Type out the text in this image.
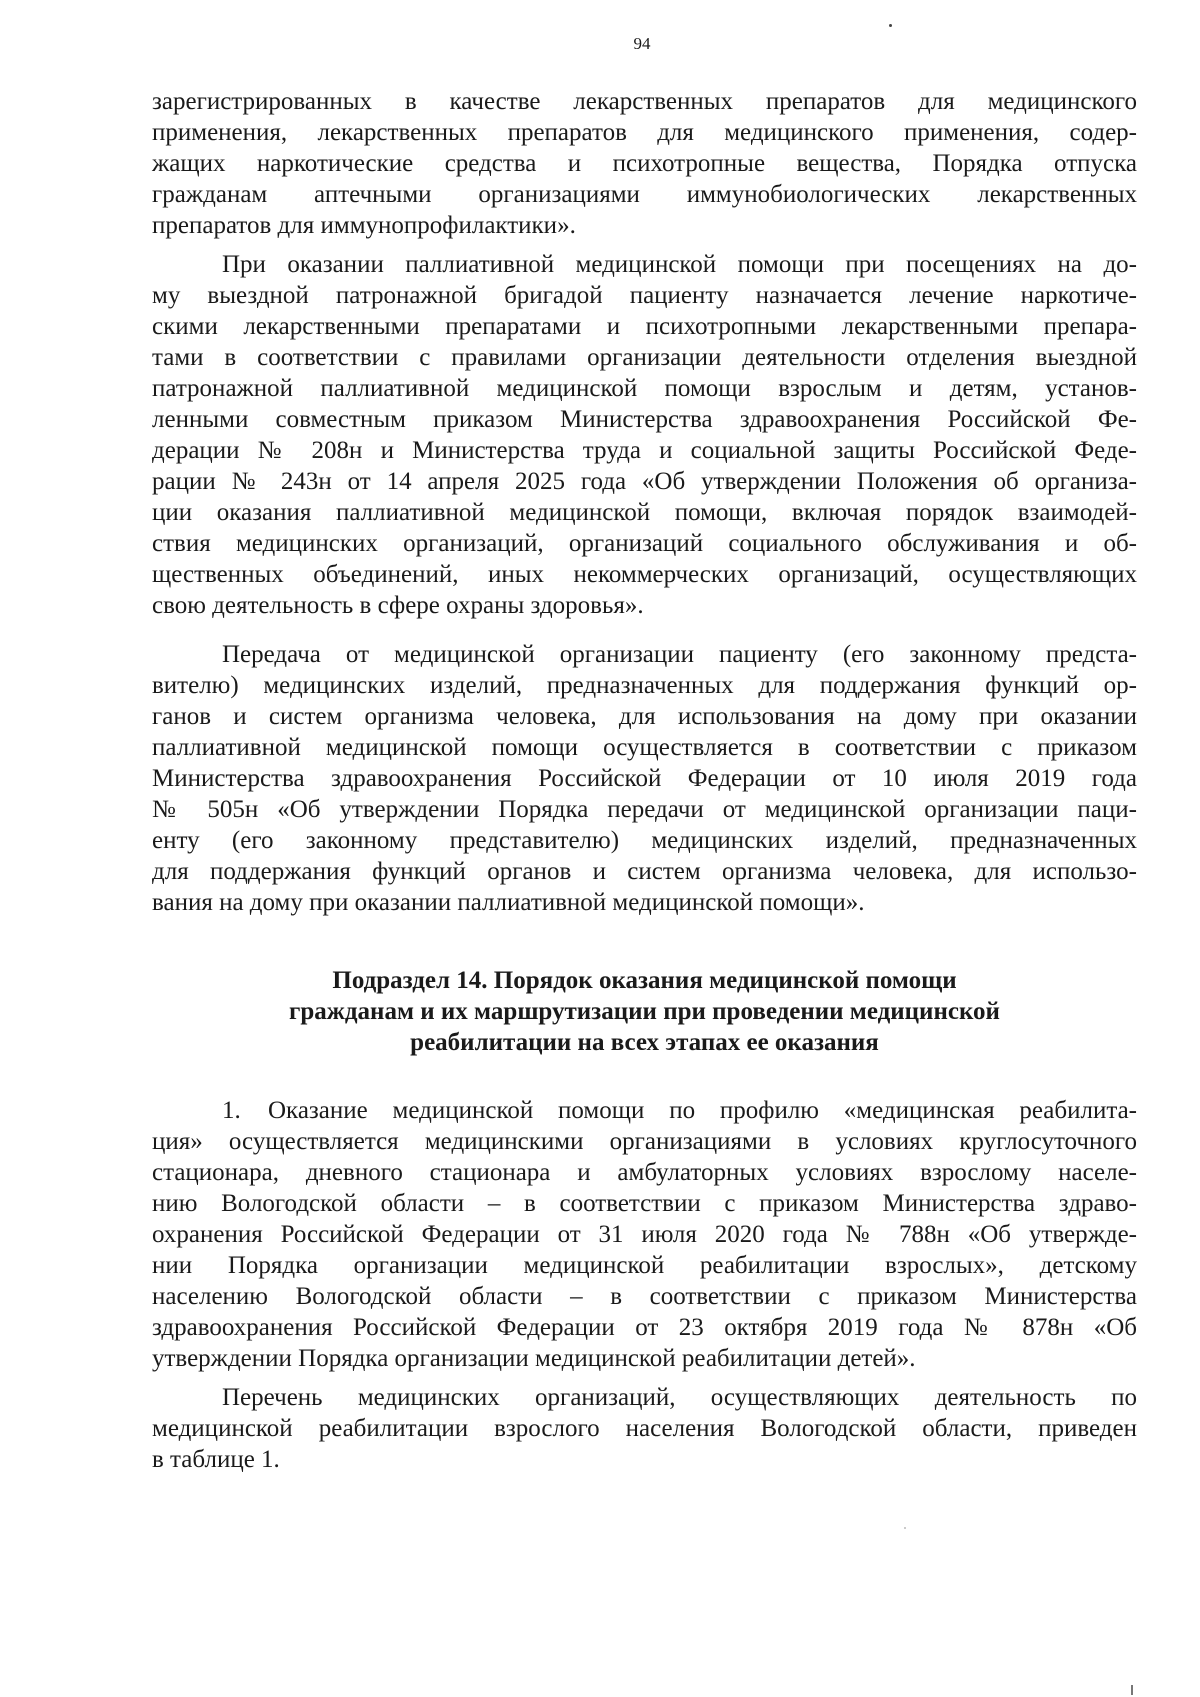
94
зарегистрированных в качестве лекарственных препаратов для медицинского
применения, лекарственных препаратов для медицинского применения, содер-
жащих наркотические средства и психотропные вещества, Порядка отпуска
гражданам аптечными организациями иммунобиологических лекарственных
препаратов для иммунопрофилактики».
При оказании паллиативной медицинской помощи при посещениях на до-
му выездной патронажной бригадой пациенту назначается лечение наркотиче-
скими лекарственными препаратами и психотропными лекарственными препара-
тами в соответствии с правилами организации деятельности отделения выездной
патронажной паллиативной медицинской помощи взрослым и детям, установ-
ленными совместным приказом Министерства здравоохранения Российской Фе-
дерации № 208н и Министерства труда и социальной защиты Российской Феде-
рации № 243н от 14 апреля 2025 года «Об утверждении Положения об организа-
ции оказания паллиативной медицинской помощи, включая порядок взаимодей-
ствия медицинских организаций, организаций социального обслуживания и об-
щественных объединений, иных некоммерческих организаций, осуществляющих
свою деятельность в сфере охраны здоровья».
Передача от медицинской организации пациенту (его законному предста-
вителю) медицинских изделий, предназначенных для поддержания функций ор-
ганов и систем организма человека, для использования на дому при оказании
паллиативной медицинской помощи осуществляется в соответствии с приказом
Министерства здравоохранения Российской Федерации от 10 июля 2019 года
№ 505н «Об утверждении Порядка передачи от медицинской организации паци-
енту (его законному представителю) медицинских изделий, предназначенных
для поддержания функций органов и систем организма человека, для использо-
вания на дому при оказании паллиативной медицинской помощи».
Подраздел 14. Порядок оказания медицинской помощи
гражданам и их маршрутизации при проведении медицинской
реабилитации на всех этапах ее оказания
1. Оказание медицинской помощи по профилю «медицинская реабилита-
ция» осуществляется медицинскими организациями в условиях круглосуточного
стационара, дневного стационара и амбулаторных условиях взрослому населе-
нию Вологодской области – в соответствии с приказом Министерства здраво-
охранения Российской Федерации от 31 июля 2020 года № 788н «Об утвержде-
нии Порядка организации медицинской реабилитации взрослых», детскому
населению Вологодской области – в соответствии с приказом Министерства
здравоохранения Российской Федерации от 23 октября 2019 года № 878н «Об
утверждении Порядка организации медицинской реабилитации детей».
Перечень медицинских организаций, осуществляющих деятельность по
медицинской реабилитации взрослого населения Вологодской области, приведен
в таблице 1.
